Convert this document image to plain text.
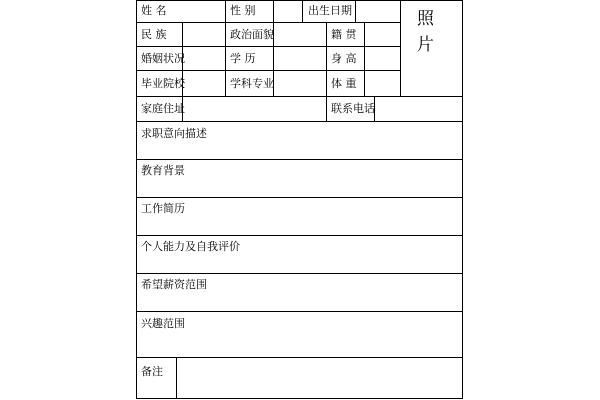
姓 名	性 别	出生日期
民 族	政治面貌	籍 贯
婚姻状况	学 历	身 高
毕业院校	学科专业	体 重
照
片
家庭住址	联系电话
求职意向描述
教育背景
工作简历
个人能力及自我评价
希望薪资范围
兴趣范围
备注
